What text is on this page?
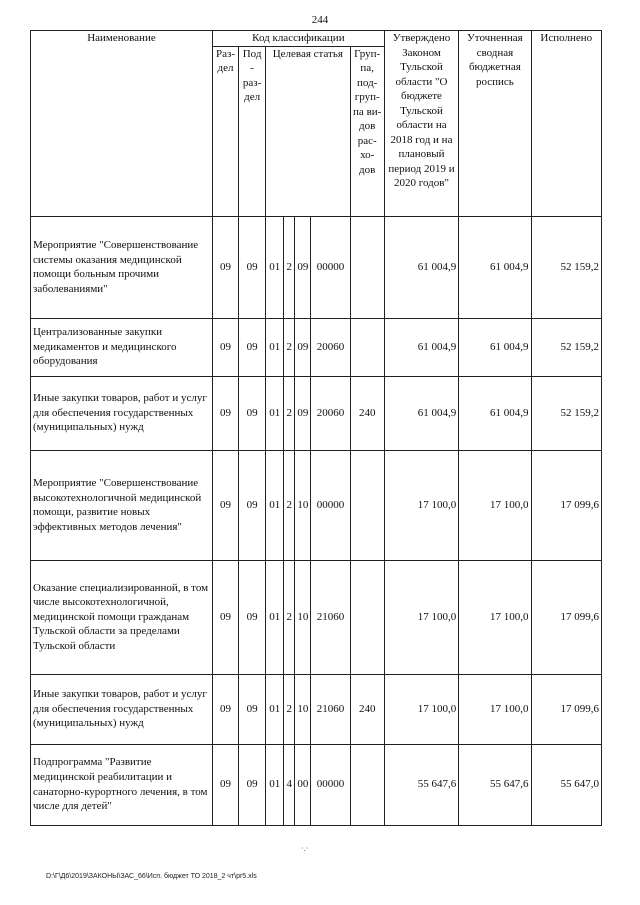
244
Наименование	Код классификации							Утверждено Законом Тульской области "О бюджете Тульской области на 2018 год и на плановый период 2019 и 2020 годов"	Уточненная сводная бюджетная роспись	Исполнено
	Раз- дел	Под- раз- дел	Целевая статья				Груп- па, под- груп- па ви- дов рас- хо- дов			
Мероприятие "Совершенствование системы оказания медицинской помощи больным прочими заболеваниями"	09	09	01	2	09	00000		61 004,9	61 004,9	52 159,2
Централизованные закупки медикаментов и медицинского оборудования	09	09	01	2	09	20060		61 004,9	61 004,9	52 159,2
Иные закупки товаров, работ и услуг для обеспечения государственных (муниципальных) нужд	09	09	01	2	09	20060	240	61 004,9	61 004,9	52 159,2
Мероприятие "Совершенствование высокотехнологичной медицинской помощи, развитие новых эффективных методов лечения"	09	09	01	2	10	00000		17 100,0	17 100,0	17 099,6
Оказание специализированной, в том числе высокотехнологичной, медицинской помощи гражданам Тульской области за пределами Тульской области	09	09	01	2	10	21060		17 100,0	17 100,0	17 099,6
Иные закупки товаров, работ и услуг для обеспечения государственных (муниципальных) нужд	09	09	01	2	10	21060	240	17 100,0	17 100,0	17 099,6
Подпрограмма "Развитие медицинской реабилитации и санаторно-курортного лечения, в том числе для детей"	09	09	01	4	00	00000		55 647,6	55 647,6	55 647,0
·.·
D:\Г\Д6\2019\ЗАКОНЫ\ЗАС_66\Исп. бюджет ТО 2018_2 чт\pr5.xls
